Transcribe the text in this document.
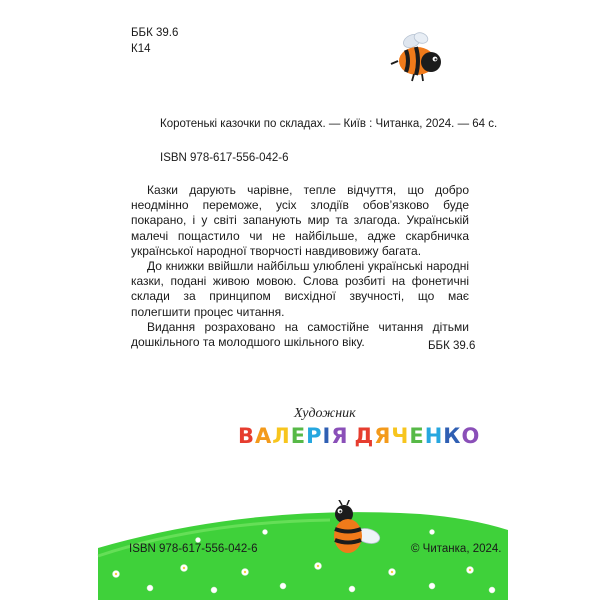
ББК 39.6
К14
Коротенькі казочки по складах. — Київ : Читанка, 2024. — 64 с.
ISBN 978-617-556-042-6

Казки дарують чарівне, тепле відчуття, що добро неодмінно переможе, усіх злодіїв обов’язково буде покарано, і у світі запанують мир та злагода. Українській малечі пощастило чи не найбільше, адже скарбничка української народної творчості навдивовижу багата.

До книжки ввійшли найбільш улюблені українські народні казки, подані живою мовою. Слова розбиті на фонетичні склади за принципом висхідної звучності, що має полегшити процес читання.

Видання розраховано на самостійне читання дітьми дошкільного та молодшого шкільного віку.	ББК 39.6
Художник
ВАЛЕРІЯ ДЯЧЕНКО
ISBN 978-617-556-042-6	© Читанка, 2024.
